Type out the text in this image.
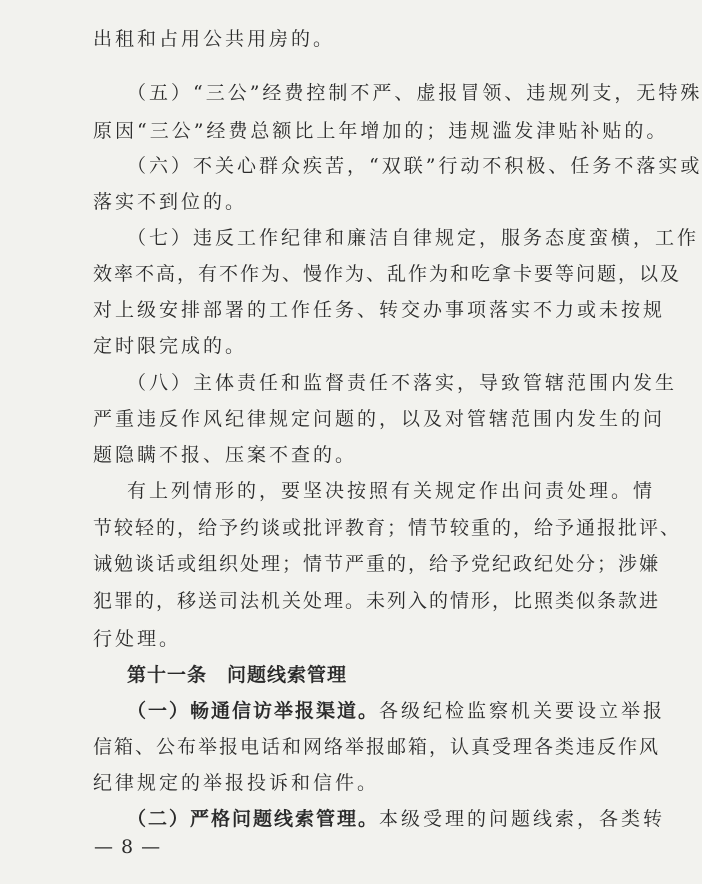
出租和占用公共用房的。
（五）“三公”经费控制不严、虚报冒领、违规列支，无特殊
原因“三公”经费总额比上年增加的；违规滥发津贴补贴的。
（六）不关心群众疾苦，“双联”行动不积极、任务不落实或
落实不到位的。
（七）违反工作纪律和廉洁自律规定，服务态度蛮横，工作
效率不高，有不作为、慢作为、乱作为和吃拿卡要等问题，以及
对上级安排部署的工作任务、转交办事项落实不力或未按规
定时限完成的。
（八）主体责任和监督责任不落实，导致管辖范围内发生
严重违反作风纪律规定问题的，以及对管辖范围内发生的问
题隐瞒不报、压案不查的。
有上列情形的，要坚决按照有关规定作出问责处理。情
节较轻的，给予约谈或批评教育；情节较重的，给予通报批评、
诫勉谈话或组织处理；情节严重的，给予党纪政纪处分；涉嫌
犯罪的，移送司法机关处理。未列入的情形，比照类似条款进
行处理。
第十一条　问题线索管理
（一）畅通信访举报渠道。各级纪检监察机关要设立举报
信箱、公布举报电话和网络举报邮箱，认真受理各类违反作风
纪律规定的举报投诉和信件。
（二）严格问题线索管理。本级受理的问题线索，各类转
— 8 —
